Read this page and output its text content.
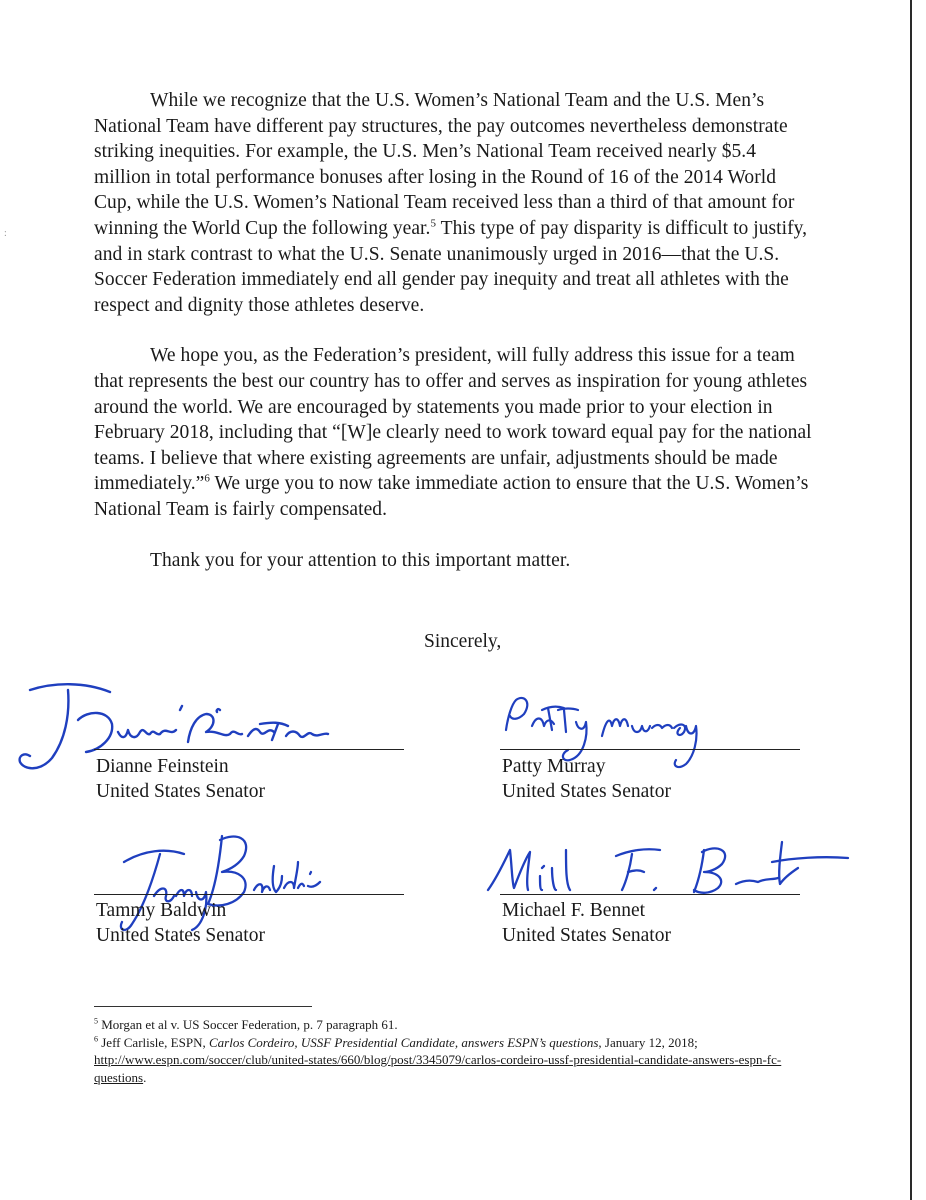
:

While we recognize that the U.S. Women’s National Team and the U.S. Men’s National Team have different pay structures, the pay outcomes nevertheless demonstrate striking inequities. For example, the U.S. Men’s National Team received nearly $5.4 million in total performance bonuses after losing in the Round of 16 of the 2014 World Cup, while the U.S. Women’s National Team received less than a third of that amount for winning the World Cup the following year.$^5$ This type of pay disparity is difficult to justify, and in stark contrast to what the U.S. Senate unanimously urged in 2016—that the U.S. Soccer Federation immediately end all gender pay inequity and treat all athletes with the respect and dignity those athletes deserve.

We hope you, as the Federation’s president, will fully address this issue for a team that represents the best our country has to offer and serves as inspiration for young athletes around the world. We are encouraged by statements you made prior to your election in February 2018, including that “[W]e clearly need to work toward equal pay for the national teams. I believe that where existing agreements are unfair, adjustments should be made immediately.”$^6$ We urge you to now take immediate action to ensure that the U.S. Women’s National Team is fairly compensated.

Thank you for your attention to this important matter.

Sincerely,
Dianne Feinstein
United States Senator
Patty Murray
United States Senator
Tammy Baldwin
United States Senator
Michael F. Bennet
United States Senator

$^5$ Morgan et al v. US Soccer Federation, p. 7 paragraph 61.

$^6$ Jeff Carlisle, ESPN, Carlos Cordeiro, USSF Presidential Candidate, answers ESPN’s questions, January 12, 2018; http://www.espn.com/soccer/club/united-states/660/blog/post/3345079/carlos-cordeiro-ussf-presidential-candidate-answers-espn-fc-questions.
